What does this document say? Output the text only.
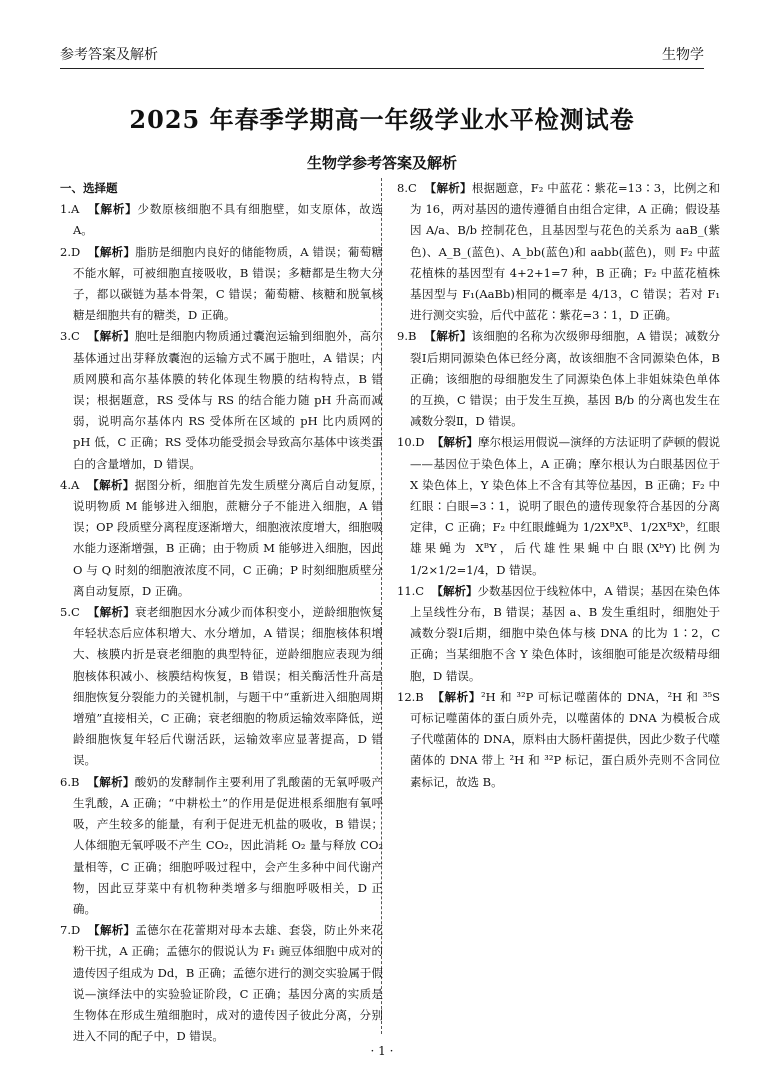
参考答案及解析	生物学
2025 年春季学期高一年级学业水平检测试卷
生物学参考答案及解析
一、选择题
1.A 【解析】少数原核细胞不具有细胞壁，如支原体，故选 A。
2.D 【解析】脂肪是细胞内良好的储能物质，A 错误；葡萄糖不能水解，可被细胞直接吸收，B 错误；多糖都是生物大分子，都以碳链为基本骨架，C 错误；葡萄糖、核糖和脱氧核糖是细胞共有的糖类，D 正确。
3.C 【解析】胞吐是细胞内物质通过囊泡运输到细胞外，高尔基体通过出芽释放囊泡的运输方式不属于胞吐，A 错误；内质网膜和高尔基体膜的转化体现生物膜的结构特点，B 错误；根据题意，RS 受体与 RS 的结合能力随 pH 升高而减弱，说明高尔基体内 RS 受体所在区域的 pH 比内质网的 pH 低，C 正确；RS 受体功能受损会导致高尔基体中该类蛋白的含量增加，D 错误。
4.A 【解析】据图分析，细胞首先发生质壁分离后自动复原，说明物质 M 能够进入细胞，蔗糖分子不能进入细胞，A 错误；OP 段质壁分离程度逐渐增大，细胞液浓度增大，细胞吸水能力逐渐增强，B 正确；由于物质 M 能够进入细胞，因此 O 与 Q 时刻的细胞液浓度不同，C 正确；P 时刻细胞质壁分离自动复原，D 正确。
5.C 【解析】衰老细胞因水分减少而体积变小，逆龄细胞恢复年轻状态后应体积增大、水分增加，A 错误；细胞核体积增大、核膜内折是衰老细胞的典型特征，逆龄细胞应表现为细胞核体积减小、核膜结构恢复，B 错误；相关酶活性升高是细胞恢复分裂能力的关键机制，与题干中“重新进入细胞周期增殖”直接相关，C 正确；衰老细胞的物质运输效率降低，逆龄细胞恢复年轻后代谢活跃，运输效率应显著提高，D 错误。
6.B 【解析】酸奶的发酵制作主要利用了乳酸菌的无氧呼吸产生乳酸，A 正确；“中耕松土”的作用是促进根系细胞有氧呼吸，产生较多的能量，有利于促进无机盐的吸收，B 错误；人体细胞无氧呼吸不产生 CO₂，因此消耗 O₂ 量与释放 CO₂ 量相等，C 正确；细胞呼吸过程中，会产生多种中间代谢产物，因此豆芽菜中有机物种类增多与细胞呼吸相关，D 正确。
7.D 【解析】孟德尔在花蕾期对母本去雄、套袋，防止外来花粉干扰，A 正确；孟德尔的假说认为 F₁ 豌豆体细胞中成对的遗传因子组成为 Dd，B 正确；孟德尔进行的测交实验属于假说—演绎法中的实验验证阶段，C 正确；基因分离的实质是生物体在形成生殖细胞时，成对的遗传因子彼此分离，分别进入不同的配子中，D 错误。
8.C 【解析】根据题意，F₂ 中蓝花∶紫花=13∶3，比例之和为 16，两对基因的遗传遵循自由组合定律，A 正确；假设基因 A/a、B/b 控制花色，且基因型与花色的关系为 aaB_(紫色)、A_B_(蓝色)、A_bb(蓝色)和 aabb(蓝色)，则 F₂ 中蓝花植株的基因型有 4+2+1=7 种，B 正确；F₂ 中蓝花植株基因型与 F₁(AaBb)相同的概率是 4/13，C 错误；若对 F₁ 进行测交实验，后代中蓝花∶紫花=3∶1，D 正确。
9.B 【解析】该细胞的名称为次级卵母细胞，A 错误；减数分裂Ⅰ后期同源染色体已经分离，故该细胞不含同源染色体，B 正确；该细胞的母细胞发生了同源染色体上非姐妹染色单体的互换，C 错误；由于发生互换，基因 B/b 的分离也发生在减数分裂Ⅱ，D 错误。
10.D 【解析】摩尔根运用假说—演绎的方法证明了萨顿的假说——基因位于染色体上，A 正确；摩尔根认为白眼基因位于 X 染色体上，Y 染色体上不含有其等位基因，B 正确；F₂ 中红眼∶白眼=3∶1，说明了眼色的遗传现象符合基因的分离定律，C 正确；F₂ 中红眼雌蝇为 1/2XᴮXᴮ、1/2XᴮXᵇ，红眼雄果蝇为 XᴮY，后代雄性果蝇中白眼(XᵇY)比例为 1/2×1/2=1/4，D 错误。
11.C 【解析】少数基因位于线粒体中，A 错误；基因在染色体上呈线性分布，B 错误；基因 a、B 发生重组时，细胞处于减数分裂Ⅰ后期，细胞中染色体与核 DNA 的比为 1∶2，C 正确；当某细胞不含 Y 染色体时，该细胞可能是次级精母细胞，D 错误。
12.B 【解析】²H 和 ³²P 可标记噬菌体的 DNA，²H 和 ³⁵S 可标记噬菌体的蛋白质外壳，以噬菌体的 DNA 为模板合成子代噬菌体的 DNA，原料由大肠杆菌提供，因此少数子代噬菌体的 DNA 带上 ²H 和 ³²P 标记，蛋白质外壳则不含同位素标记，故选 B。
· 1 ·
